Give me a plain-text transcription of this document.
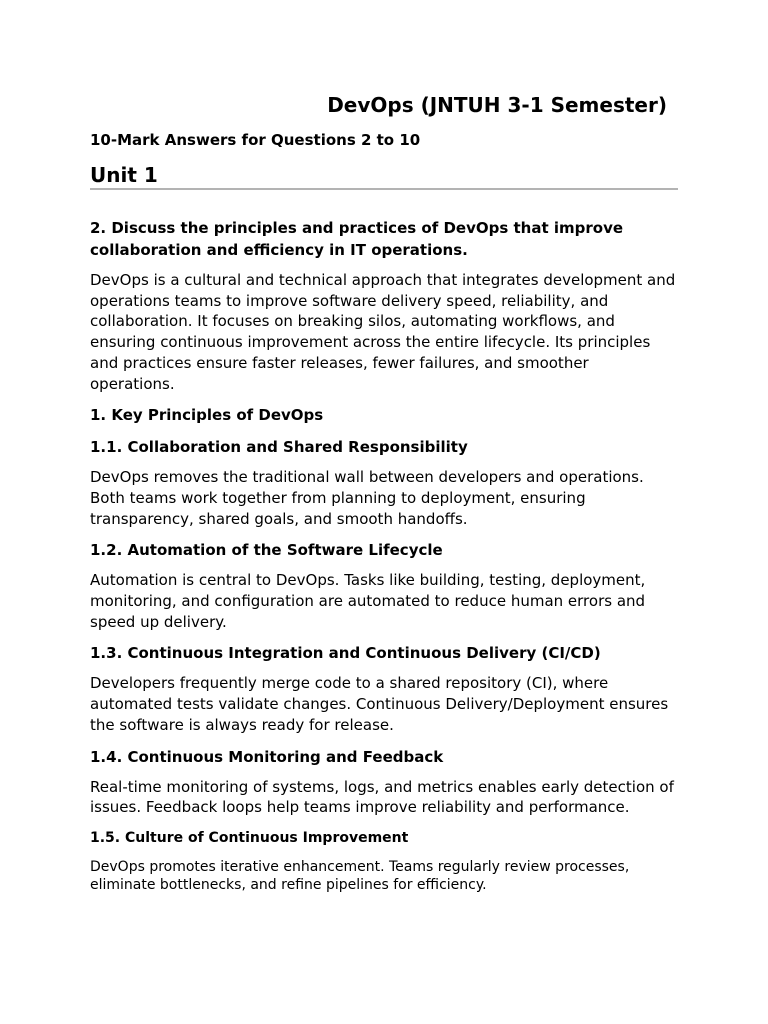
DevOps (JNTUH 3-1 Semester)

10-Mark Answers for Questions 2 to 10

Unit 1

2. Discuss the principles and practices of DevOps that improve collaboration and efficiency in IT operations.

DevOps is a cultural and technical approach that integrates development and operations teams to improve software delivery speed, reliability, and collaboration. It focuses on breaking silos, automating workflows, and ensuring continuous improvement across the entire lifecycle. Its principles and practices ensure faster releases, fewer failures, and smoother operations.

1. Key Principles of DevOps

1.1. Collaboration and Shared Responsibility

DevOps removes the traditional wall between developers and operations. Both teams work together from planning to deployment, ensuring transparency, shared goals, and smooth handoffs.

1.2. Automation of the Software Lifecycle

Automation is central to DevOps. Tasks like building, testing, deployment, monitoring, and configuration are automated to reduce human errors and speed up delivery.

1.3. Continuous Integration and Continuous Delivery (CI/CD)

Developers frequently merge code to a shared repository (CI), where automated tests validate changes. Continuous Delivery/Deployment ensures the software is always ready for release.

1.4. Continuous Monitoring and Feedback

Real-time monitoring of systems, logs, and metrics enables early detection of issues. Feedback loops help teams improve reliability and performance.

1.5. Culture of Continuous Improvement

DevOps promotes iterative enhancement. Teams regularly review processes, eliminate bottlenecks, and refine pipelines for efficiency.
